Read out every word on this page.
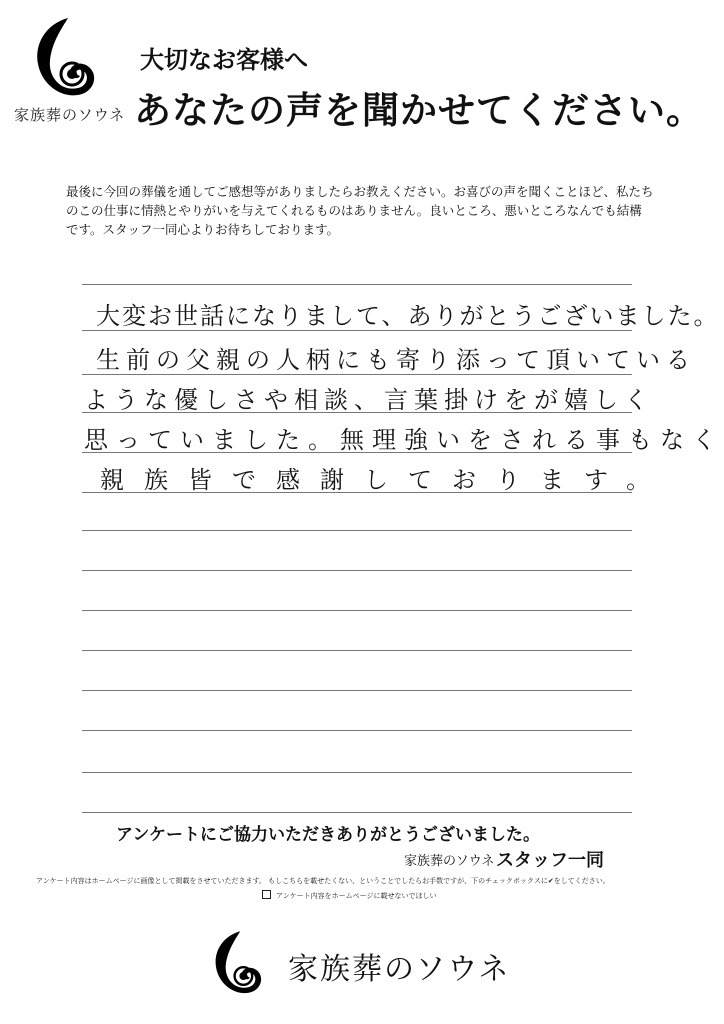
家族葬のソウネ
大切なお客様へ
あなたの声を聞かせてください。
最後に今回の葬儀を通してご感想等がありましたらお教えください。お喜びの声を聞くことほど、私たちのこの仕事に情熱とやりがいを与えてくれるものはありません。良いところ、悪いところなんでも結構です。スタッフ一同心よりお待ちしております。
大変お世話になりまして、ありがとうございました。
生前の父親の人柄にも寄り添って頂いている
ような優しさや相談、言葉掛けをが嬉しく
思っていました。無理強いをされる事もなく
親族皆で感謝しております。
アンケートにご協力いただきありがとうございました。
家族葬のソウネ スタッフ一同
アンケート内容はホームページに画像として掲載をさせていただきます。 もしこちらを載せたくない、ということでしたらお手数ですが、下のチェックボックスに✔をしてください。
アンケート内容をホームページに載せないでほしい
家族葬のソウネ
